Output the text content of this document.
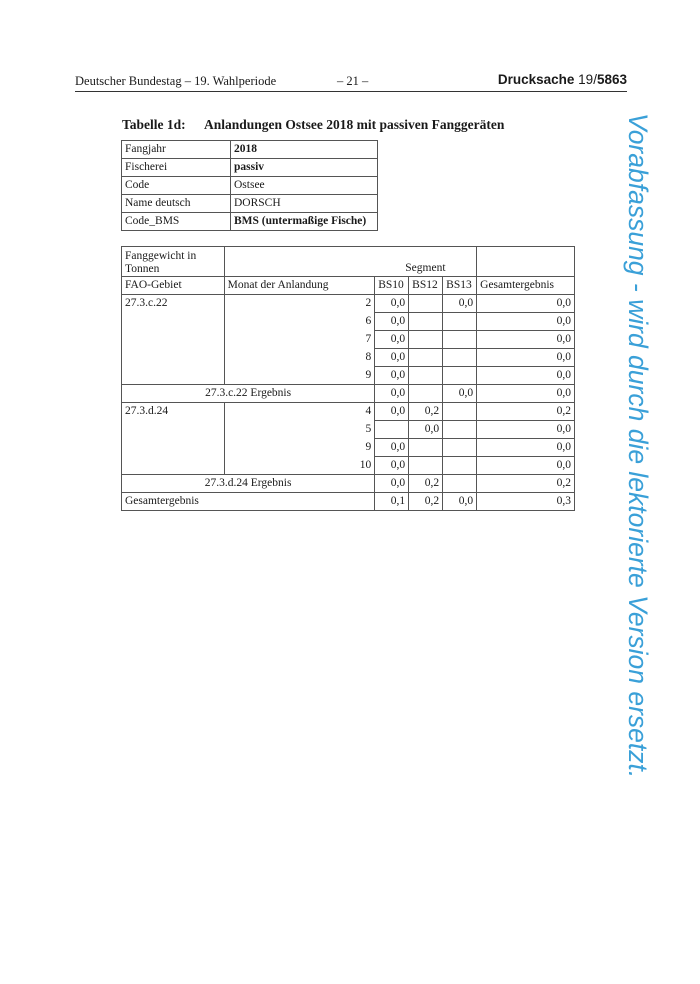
Deutscher Bundestag – 19. Wahlperiode	– 21 –	Drucksache 19/5863
Tabelle 1d: Anlandungen Ostsee 2018 mit passiven Fanggeräten
Fangjahr	2018
Fischerei	passiv
Code	Ostsee
Name deutsch	DORSCH
Code_BMS	BMS (untermaßige Fische)
Fanggewicht in Tonnen		Segment			
FAO-Gebiet	Monat der Anlandung	BS10	BS12	BS13	Gesamtergebnis
27.3.c.22	2	0,0		0,0	0,0
	6	0,0			0,0
	7	0,0			0,0
	8	0,0			0,0
	9	0,0			0,0
27.3.c.22 Ergebnis		0,0		0,0	0,0
27.3.d.24	4	0,0	0,2		0,2
	5		0,0		0,0
	9	0,0			0,0
	10	0,0			0,0
27.3.d.24 Ergebnis		0,0	0,2		0,2
Gesamtergebnis		0,1	0,2	0,0	0,3 Vorabfassung - wird durch die lektorierte Version ersetzt.
